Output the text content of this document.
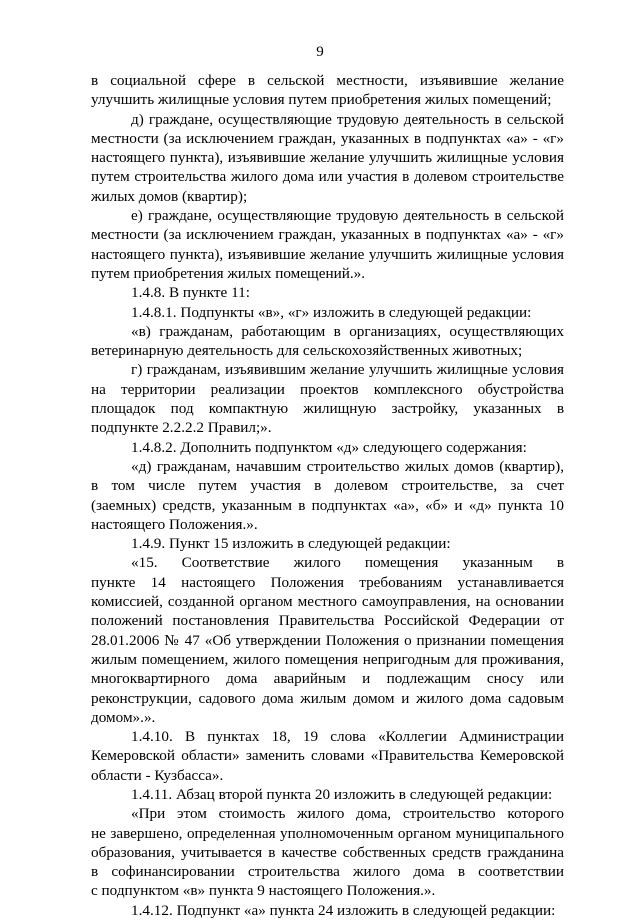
9
в социальной сфере в сельской местности, изъявившие желание
улучшить жилищные условия путем приобретения жилых помещений;
д) граждане, осуществляющие трудовую деятельность в сельской
местности (за исключением граждан, указанных в подпунктах «а» - «г»
настоящего пункта), изъявившие желание улучшить жилищные условия
путем строительства жилого дома или участия в долевом строительстве
жилых домов (квартир);
е) граждане, осуществляющие трудовую деятельность в сельской
местности (за исключением граждан, указанных в подпунктах «а» - «г»
настоящего пункта), изъявившие желание улучшить жилищные условия
путем приобретения жилых помещений.».
1.4.8. В пункте 11:
1.4.8.1. Подпункты «в», «г» изложить в следующей редакции:
«в) гражданам, работающим в организациях, осуществляющих
ветеринарную деятельность для сельскохозяйственных животных;
г) гражданам, изъявившим желание улучшить жилищные условия
на территории реализации проектов комплексного обустройства
площадок под компактную жилищную застройку, указанных в
подпункте 2.2.2.2 Правил;».
1.4.8.2. Дополнить подпунктом «д» следующего содержания:
«д) гражданам, начавшим строительство жилых домов (квартир),
в том числе путем участия в долевом строительстве, за счет
(заемных) средств, указанным в подпунктах «а», «б» и «д» пункта 10
настоящего Положения.».
1.4.9. Пункт 15 изложить в следующей редакции:
«15. Соответствие жилого помещения указанным в
пункте 14 настоящего Положения требованиям устанавливается
комиссией, созданной органом местного самоуправления, на основании
положений постановления Правительства Российской Федерации от
28.01.2006 № 47 «Об утверждении Положения о признании помещения
жилым помещением, жилого помещения непригодным для проживания,
многоквартирного дома аварийным и подлежащим сносу или
реконструкции, садового дома жилым домом и жилого дома садовым
домом».».
1.4.10. В пунктах 18, 19 слова «Коллегии Администрации
Кемеровской области» заменить словами «Правительства Кемеровской
области - Кузбасса».
1.4.11. Абзац второй пункта 20 изложить в следующей редакции:
«При этом стоимость жилого дома, строительство которого
не завершено, определенная уполномоченным органом муниципального
образования, учитывается в качестве собственных средств гражданина
в софинансировании строительства жилого дома в соответствии
с подпунктом «в» пункта 9 настоящего Положения.».
1.4.12. Подпункт «а» пункта 24 изложить в следующей редакции:
